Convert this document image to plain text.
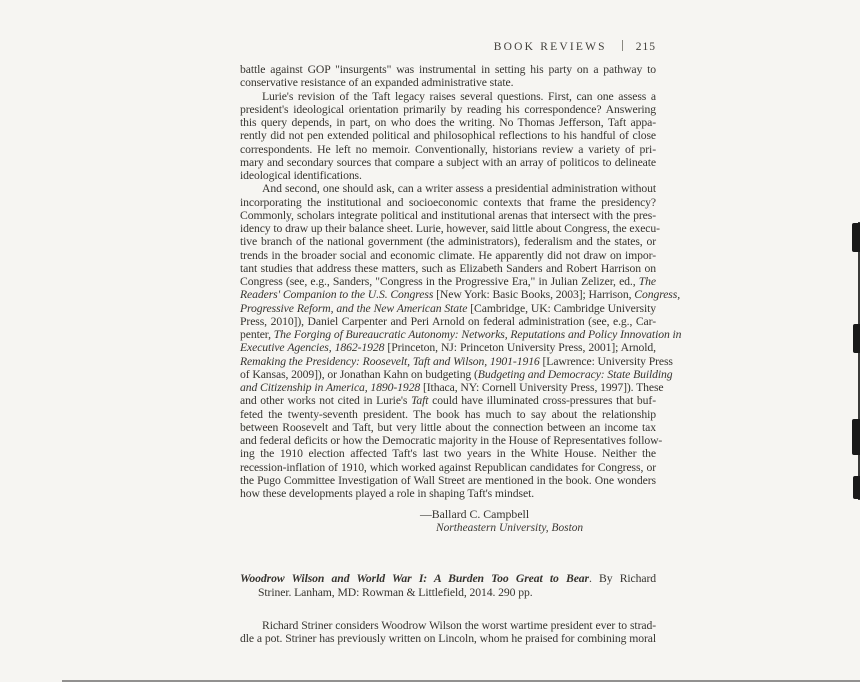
BOOK REVIEWS	215
battle against GOP "insurgents" was instrumental in setting his party on a pathway to
conservative resistance of an expanded administrative state.
Lurie's revision of the Taft legacy raises several questions. First, can one assess a
president's ideological orientation primarily by reading his correspondence? Answering
this query depends, in part, on who does the writing. No Thomas Jefferson, Taft appa-
rently did not pen extended political and philosophical reflections to his handful of close
correspondents. He left no memoir. Conventionally, historians review a variety of pri-
mary and secondary sources that compare a subject with an array of politicos to delineate
ideological identifications.
And second, one should ask, can a writer assess a presidential administration without
incorporating the institutional and socioeconomic contexts that frame the presidency?
Commonly, scholars integrate political and institutional arenas that intersect with the pres-
idency to draw up their balance sheet. Lurie, however, said little about Congress, the execu-
tive branch of the national government (the administrators), federalism and the states, or
trends in the broader social and economic climate. He apparently did not draw on impor-
tant studies that address these matters, such as Elizabeth Sanders and Robert Harrison on
Congress (see, e.g., Sanders, "Congress in the Progressive Era," in Julian Zelizer, ed., The
Readers' Companion to the U.S. Congress [New York: Basic Books, 2003]; Harrison, Congress,
Progressive Reform, and the New American State [Cambridge, UK: Cambridge University
Press, 2010]), Daniel Carpenter and Peri Arnold on federal administration (see, e.g., Car-
penter, The Forging of Bureaucratic Autonomy: Networks, Reputations and Policy Innovation in
Executive Agencies, 1862-1928 [Princeton, NJ: Princeton University Press, 2001]; Arnold,
Remaking the Presidency: Roosevelt, Taft and Wilson, 1901-1916 [Lawrence: University Press
of Kansas, 2009]), or Jonathan Kahn on budgeting (Budgeting and Democracy: State Building
and Citizenship in America, 1890-1928 [Ithaca, NY: Cornell University Press, 1997]). These
and other works not cited in Lurie's Taft could have illuminated cross-pressures that buf-
feted the twenty-seventh president. The book has much to say about the relationship
between Roosevelt and Taft, but very little about the connection between an income tax
and federal deficits or how the Democratic majority in the House of Representatives follow-
ing the 1910 election affected Taft's last two years in the White House. Neither the
recession-inflation of 1910, which worked against Republican candidates for Congress, or
the Pugo Committee Investigation of Wall Street are mentioned in the book. One wonders
how these developments played a role in shaping Taft's mindset.
—Ballard C. Campbell
Northeastern University, Boston
Woodrow Wilson and World War I: A Burden Too Great to Bear. By Richard
Striner. Lanham, MD: Rowman & Littlefield, 2014. 290 pp.
Richard Striner considers Woodrow Wilson the worst wartime president ever to strad-
dle a pot. Striner has previously written on Lincoln, whom he praised for combining moral
